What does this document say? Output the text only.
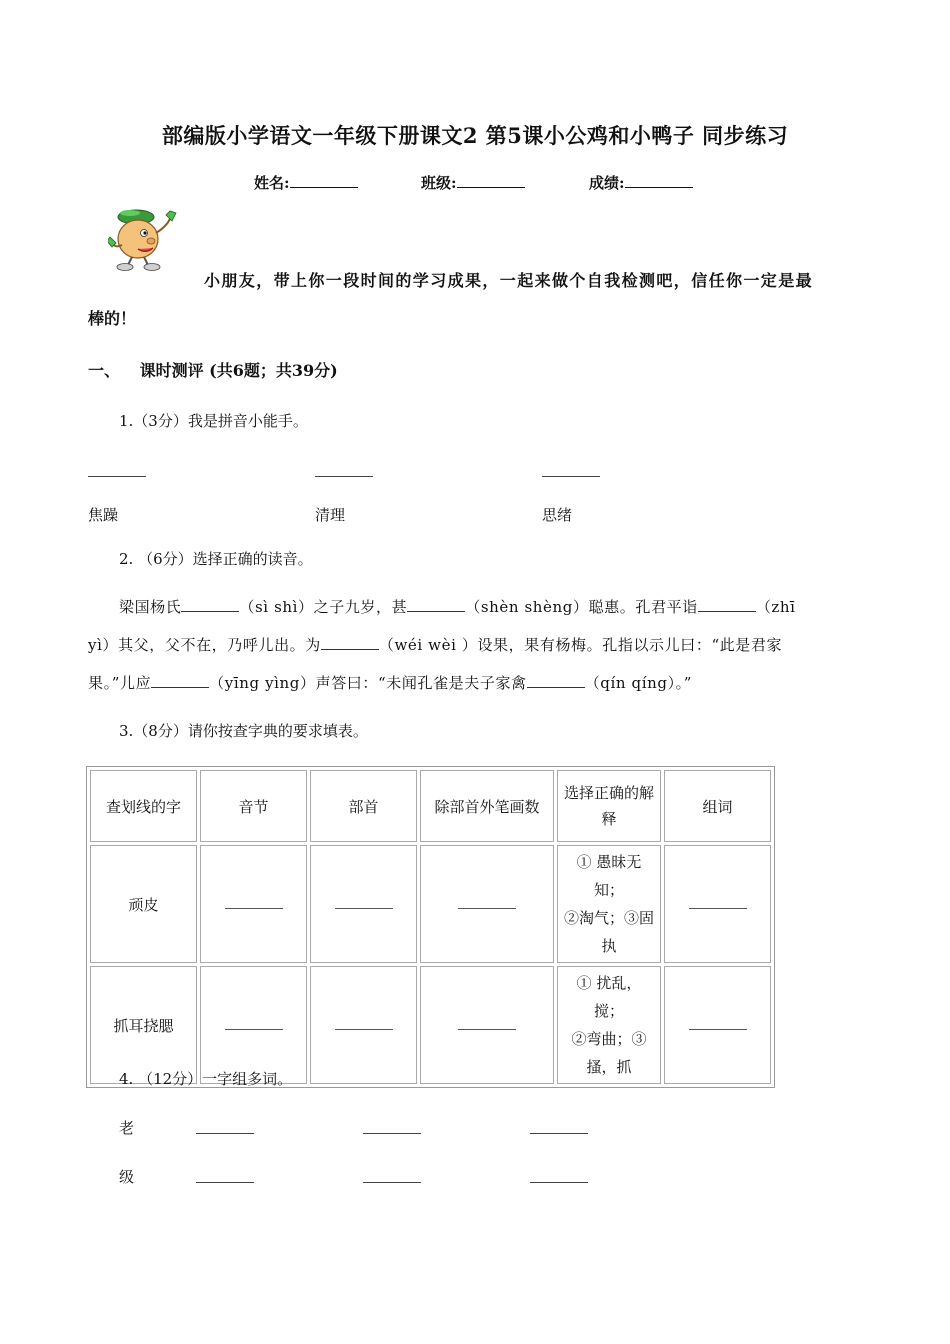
部编版小学语文一年级下册课文2 第5课小公鸡和小鸭子 同步练习
姓名:	班级:	成绩:
小朋友，带上你一段时间的学习成果，一起来做个自我检测吧，信任你一定是最
棒的！
一、 课时测评 (共6题；共39分)
1.（3分）我是拼音小能手。
焦躁	清理	思绪
2. （6分）选择正确的读音。
梁国杨氏	（sì shì）之子九岁，甚	（shèn shèng）聪惠。孔君平诣	（zhī
yì）其父，父不在，乃呼儿出。为	（wéi wèi ）设果，果有杨梅。孔指以示儿曰：“此是君家
果。”儿应	（yīng yìng）声答曰：“未闻孔雀是夫子家禽	（qín qíng）。”
3.（8分）请你按查字典的要求填表。
查划线的字	音节	部首	除部首外笔画数	选择正确的解释	组词
顽皮				① 愚昧无知；
②淘气；③固
执	

抓耳挠腮				① 扰乱，搅；
②弯曲；③
搔，抓	

4. （12分）一字组多词。
老
级
